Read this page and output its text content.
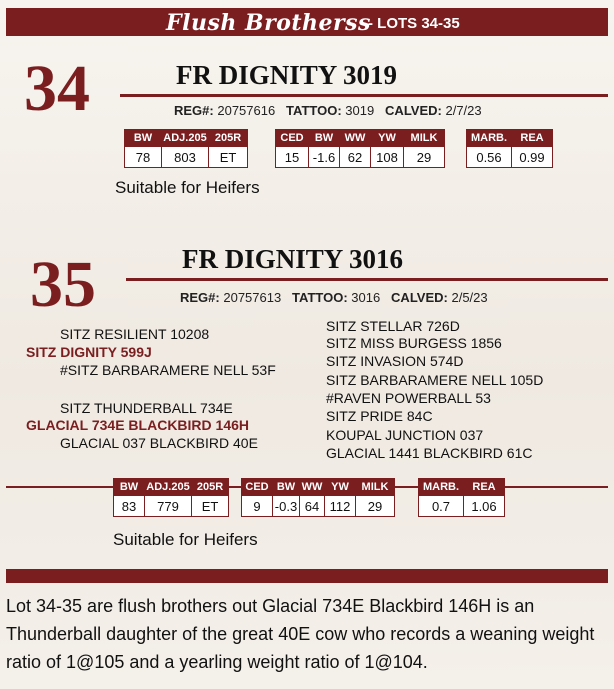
Flush Brotherss
- LOTS 34-35
34	FR DIGNITY 3019
REG#: 20757616 TATTOO: 3019 CALVED: 2/7/23
BW	ADJ.205	205R
78	803	ET
CED	BW	WW	YW	MILK
15	-1.6	62	108	29
MARB.	REA
0.56	0.99
Suitable for Heifers
35	FR DIGNITY 3016
REG#: 20757613 TATTOO: 3016 CALVED: 2/5/23
SITZ RESILIENT 10208
SITZ DIGNITY 599J
#SITZ BARBARAMERE NELL 53F
SITZ THUNDERBALL 734E
GLACIAL 734E BLACKBIRD 146H
GLACIAL 037 BLACKBIRD 40E
SITZ STELLAR 726D
SITZ MISS BURGESS 1856
SITZ INVASION 574D
SITZ BARBARAMERE NELL 105D
#RAVEN POWERBALL 53
SITZ PRIDE 84C
KOUPAL JUNCTION 037
GLACIAL 1441 BLACKBIRD 61C
BW	ADJ.205	205R
83	779	ET
CED	BW	WW	YW	MILK
9	-0.3	64	112	29
MARB.	REA
0.7	1.06
Suitable for Heifers
Lot 34-35 are flush brothers out Glacial 734E Blackbird 146H is an Thunderball daughter of the great 40E cow who records a weaning weight ratio of 1@105 and a yearling weight ratio of 1@104.
